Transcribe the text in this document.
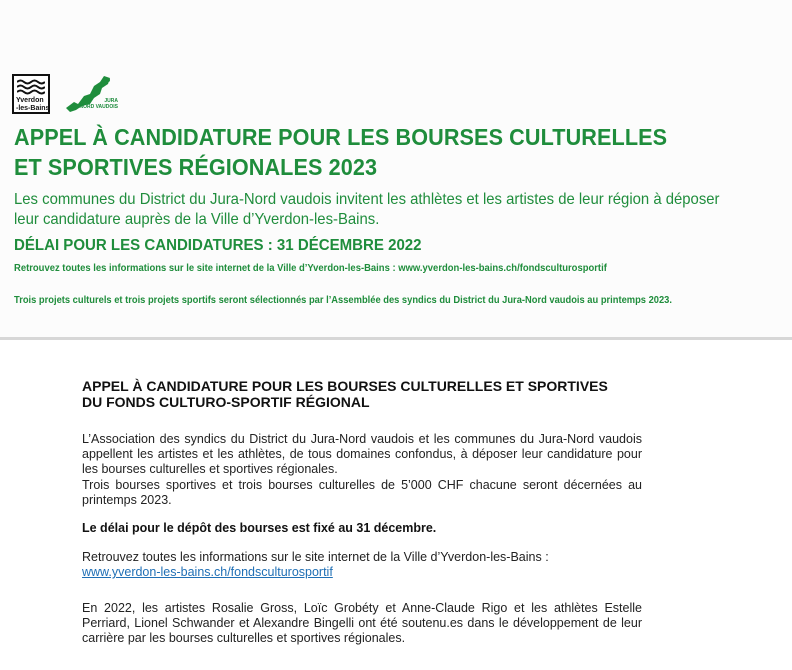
Yverdon
-les-Bains
JURA
NORD VAUDOIS
APPEL À CANDIDATURE POUR LES BOURSES CULTURELLES
ET SPORTIVES RÉGIONALES 2023
Les communes du District du Jura-Nord vaudois invitent les athlètes et les artistes de leur région à déposer
leur candidature auprès de la Ville d’Yverdon-les-Bains.
DÉLAI POUR LES CANDIDATURES : 31 DÉCEMBRE 2022
Retrouvez toutes les informations sur le site internet de la Ville d’Yverdon-les-Bains : www.yverdon-les-bains.ch/fondsculturosportif
Trois projets culturels et trois projets sportifs seront sélectionnés par l’Assemblée des syndics du District du Jura-Nord vaudois au printemps 2023.
APPEL À CANDIDATURE POUR LES BOURSES CULTURELLES ET SPORTIVES
DU FONDS CULTURO-SPORTIF RÉGIONAL
L’Association des syndics du District du Jura-Nord vaudois et les communes du Jura-Nord vaudois appellent les artistes et les athlètes, de tous domaines confondus, à déposer leur candidature pour les bourses culturelles et sportives régionales.
Trois bourses sportives et trois bourses culturelles de 5’000 CHF chacune seront décernées au printemps 2023.
Le délai pour le dépôt des bourses est fixé au 31 décembre.
Retrouvez toutes les informations sur le site internet de la Ville d’Yverdon-les-Bains :
www.yverdon-les-bains.ch/fondsculturosportif
En 2022, les artistes Rosalie Gross, Loïc Grobéty et Anne-Claude Rigo et les athlètes Estelle Perriard, Lionel Schwander et Alexandre Bingelli ont été soutenu.es dans le développement de leur carrière par les bourses culturelles et sportives régionales.
